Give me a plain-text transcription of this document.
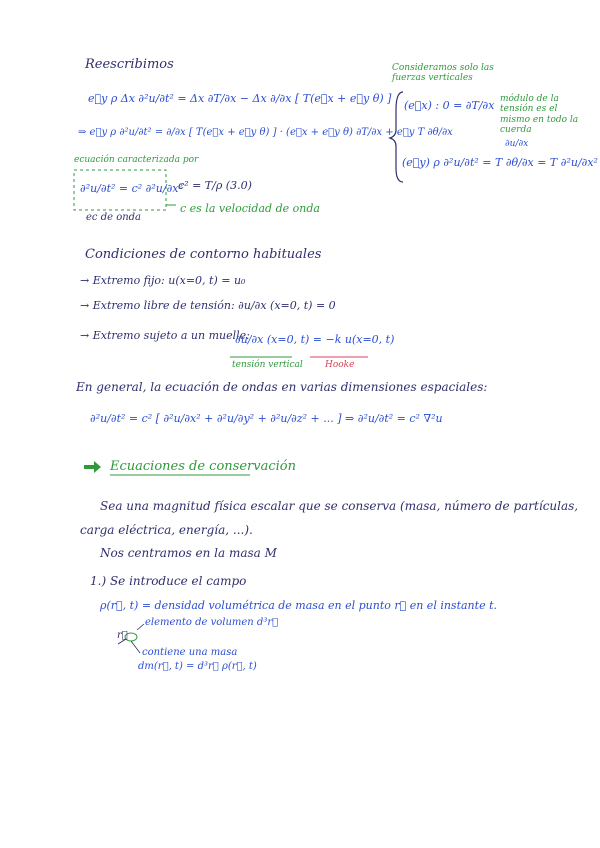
Reescribimos
e⃗y ρ Δx ∂²u/∂t² = Δx ∂T/∂x − Δx ∂/∂x [ T(e⃗x + e⃗y θ) ]
⇒ e⃗y ρ ∂²u/∂t² = ∂/∂x [ T(e⃗x + e⃗y θ) ] · (e⃗x + e⃗y θ) ∂T/∂x + e⃗y T ∂θ/∂x
Consideramos solo las fuerzas verticales
(e⃗x) : 0 = ∂T/∂x módulo de la tensión es el mismo en todo la cuerda
∂u/∂x
(e⃗y) ρ ∂²u/∂t² = T ∂θ/∂x = T ∂²u/∂x²
ecuación caracterizada por
∂²u/∂t² = c² ∂²u/∂x²
c² = T/ρ (3.0)
c es la velocidad de onda
ec de onda
Condiciones de contorno habituales
→ Extremo fijo: u(x=0, t) = u₀
→ Extremo libre de tensión: ∂u/∂x (x=0, t) = 0
→ Extremo sujeto a un muelle:
∂u/∂x (x=0, t) = −k u(x=0, t)
tensión vertical Hooke
En general, la ecuación de ondas en varias dimensiones espaciales:
∂²u/∂t² = c² [ ∂²u/∂x² + ∂²u/∂y² + ∂²u/∂z² + ... ] ⇒ ∂²u/∂t² = c² ∇²u
Ecuaciones de conservación
Sea una magnitud física escalar que se conserva (masa, número de partículas,
carga eléctrica, energía, ...).
Nos centramos en la masa M
1.) Se introduce el campo
ρ(r⃗, t) = densidad volumétrica de masa en el punto r⃗ en el instante t.
elemento de volumen d³r⃗
r⃗
contiene una masa
dm(r⃗, t) = d³r⃗ ρ(r⃗, t)
